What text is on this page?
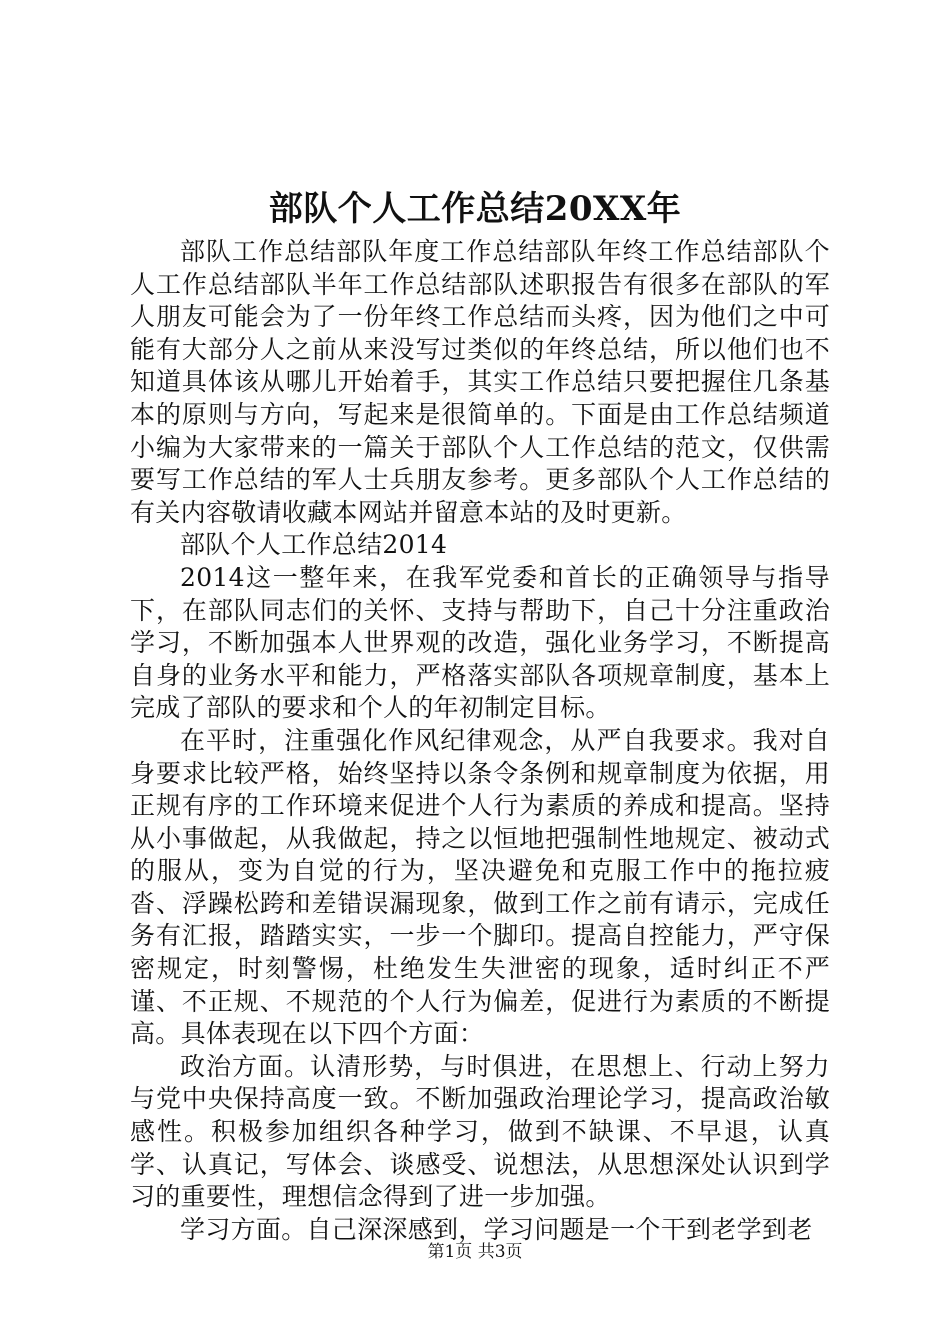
部队个人工作总结20XX年

部队工作总结部队年度工作总结部队年终工作总结部队个人工作总结部队半年工作总结部队述职报告有很多在部队的军人朋友可能会为了一份年终工作总结而头疼，因为他们之中可能有大部分人之前从来没写过类似的年终总结，所以他们也不知道具体该从哪儿开始着手，其实工作总结只要把握住几条基本的原则与方向，写起来是很简单的。下面是由工作总结频道小编为大家带来的一篇关于部队个人工作总结的范文，仅供需要写工作总结的军人士兵朋友参考。更多部队个人工作总结的有关内容敬请收藏本网站并留意本站的及时更新。

部队个人工作总结2014

2014这一整年来，在我军党委和首长的正确领导与指导下，在部队同志们的关怀、支持与帮助下，自己十分注重政治学习，不断加强本人世界观的改造，强化业务学习，不断提高自身的业务水平和能力，严格落实部队各项规章制度，基本上完成了部队的要求和个人的年初制定目标。

在平时，注重强化作风纪律观念，从严自我要求。我对自身要求比较严格，始终坚持以条令条例和规章制度为依据，用正规有序的工作环境来促进个人行为素质的养成和提高。坚持从小事做起，从我做起，持之以恒地把强制性地规定、被动式的服从，变为自觉的行为，坚决避免和克服工作中的拖拉疲沓、浮躁松跨和差错误漏现象，做到工作之前有请示，完成任务有汇报，踏踏实实，一步一个脚印。提高自控能力，严守保密规定，时刻警惕，杜绝发生失泄密的现象，适时纠正不严谨、不正规、不规范的个人行为偏差，促进行为素质的不断提高。具体表现在以下四个方面：

政治方面。认清形势，与时俱进，在思想上、行动上努力与党中央保持高度一致。不断加强政治理论学习，提高政治敏感性。积极参加组织各种学习，做到不缺课、不早退，认真学、认真记，写体会、谈感受、说想法，从思想深处认识到学习的重要性，理想信念得到了进一步加强。

学习方面。自己深深感到，学习问题是一个干到老学到老

第1页 共3页
